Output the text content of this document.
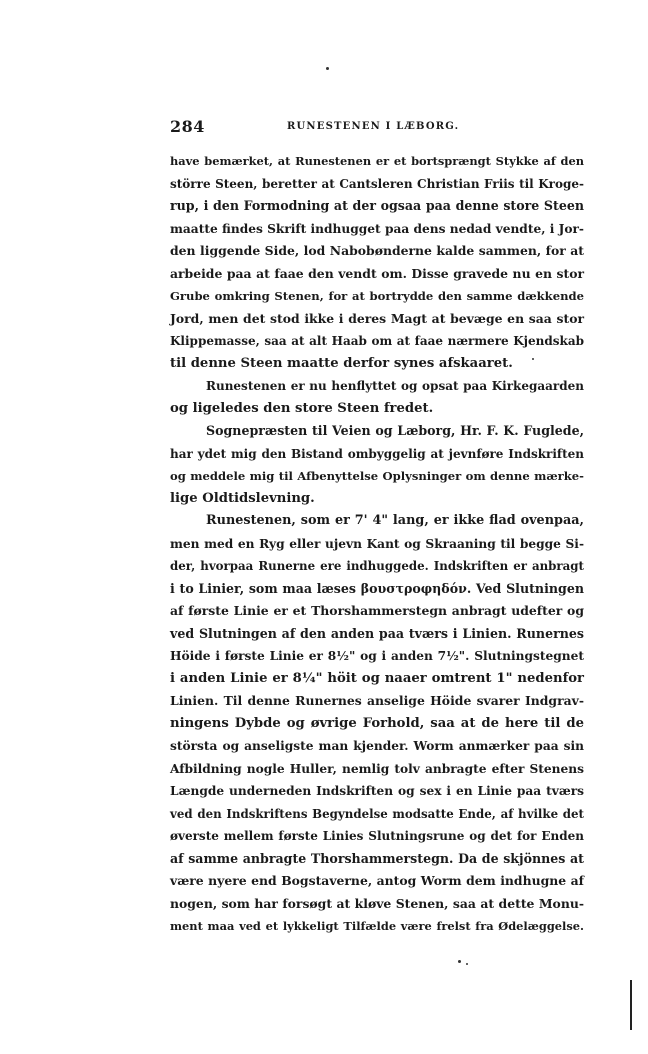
284	RUNESTENEN I LÆBORG.
have bemærket, at Runestenen er et bortsprængt Stykke af den
större Steen, beretter at Cantsleren Christian Friis til Kroge-
rup, i den Formodning at der ogsaa paa denne store Steen
maatte findes Skrift indhugget paa dens nedad vendte, i Jor-
den liggende Side, lod Nabobønderne kalde sammen, for at
arbeide paa at faae den vendt om. Disse gravede nu en stor
Grube omkring Stenen, for at bortrydde den samme dækkende
Jord, men det stod ikke i deres Magt at bevæge en saa stor
Klippemasse, saa at alt Haab om at faae nærmere Kjendskab
til denne Steen maatte derfor synes afskaaret.
Runestenen er nu henflyttet og opsat paa Kirkegaarden
og ligeledes den store Steen fredet.
Sognepræsten til Veien og Læborg, Hr. F. K. Fuglede,
har ydet mig den Bistand ombyggelig at jevnføre Indskriften
og meddele mig til Afbenyttelse Oplysninger om denne mærke-
lige Oldtidslevning.
Runestenen, som er 7' 4" lang, er ikke flad ovenpaa,
men med en Ryg eller ujevn Kant og Skraaning til begge Si-
der, hvorpaa Runerne ere indhuggede. Indskriften er anbragt
i to Linier, som maa læses βουστροφηδόν. Ved Slutningen
af første Linie er et Thorshammerstegn anbragt udefter og
ved Slutningen af den anden paa tværs i Linien. Runernes
Höide i første Linie er 8½" og i anden 7½". Slutningstegnet
i anden Linie er 8¼" höit og naaer omtrent 1" nedenfor
Linien. Til denne Runernes anselige Höide svarer Indgrav-
ningens Dybde og øvrige Forhold, saa at de here til de
största og anseligste man kjender. Worm anmærker paa sin
Afbildning nogle Huller, nemlig tolv anbragte efter Stenens
Længde underneden Indskriften og sex i en Linie paa tværs
ved den Indskriftens Begyndelse modsatte Ende, af hvilke det
øverste mellem første Linies Slutningsrune og det for Enden
af samme anbragte Thorshammerstegn. Da de skjönnes at
være nyere end Bogstaverne, antog Worm dem indhugne af
nogen, som har forsøgt at kløve Stenen, saa at dette Monu-
ment maa ved et lykkeligt Tilfælde være frelst fra Ødelæggelse.
